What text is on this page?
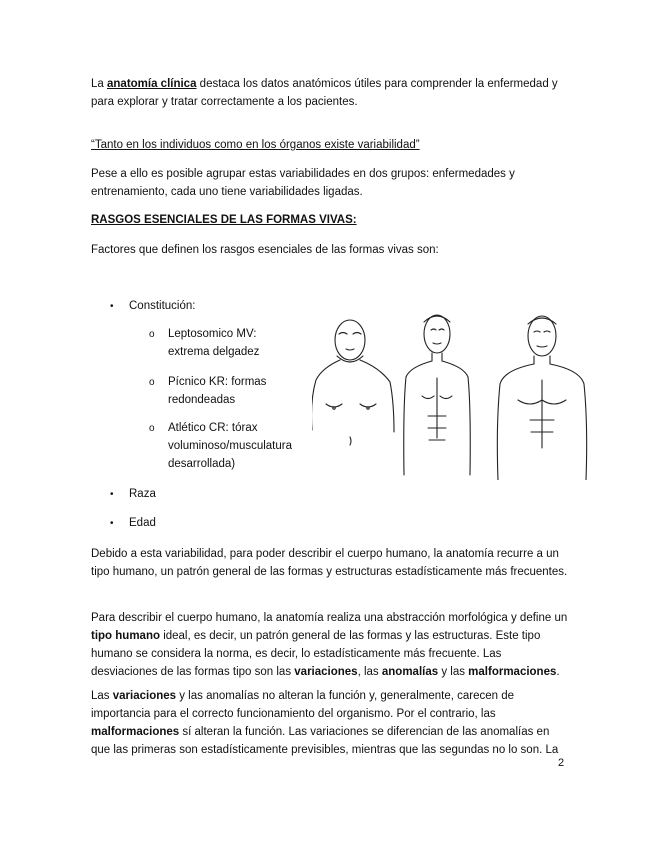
La anatomía clínica destaca los datos anatómicos útiles para comprender la enfermedad y para explorar y tratar correctamente a los pacientes.

“Tanto en los individuos como en los órganos existe variabilidad”

Pese a ello es posible agrupar estas variabilidades en dos grupos: enfermedades y entrenamiento, cada uno tiene variabilidades ligadas.

RASGOS ESENCIALES DE LAS FORMAS VIVAS:

Factores que definen los rasgos esenciales de las formas vivas son:

• Constitución:

o Leptosomico MV:

extrema delgadez

o Pícnico KR: formas

redondeadas

o Atlético CR: tórax

voluminoso/musculatura

desarrollada)

• Raza

• Edad

Debido a esta variabilidad, para poder describir el cuerpo humano, la anatomía recurre a un tipo humano, un patrón general de las formas y estructuras estadísticamente más frecuentes.

Para describir el cuerpo humano, la anatomía realiza una abstracción morfológica y define un tipo humano ideal, es decir, un patrón general de las formas y las estructuras. Este tipo humano se considera la norma, es decir, lo estadísticamente más frecuente. Las desviaciones de las formas tipo son las variaciones, las anomalías y las malformaciones.

Las variaciones y las anomalías no alteran la función y, generalmente, carecen de importancia para el correcto funcionamiento del organismo. Por el contrario, las malformaciones sí alteran la función. Las variaciones se diferencian de las anomalías en que las primeras son estadísticamente previsibles, mientras que las segundas no lo son. La

2
